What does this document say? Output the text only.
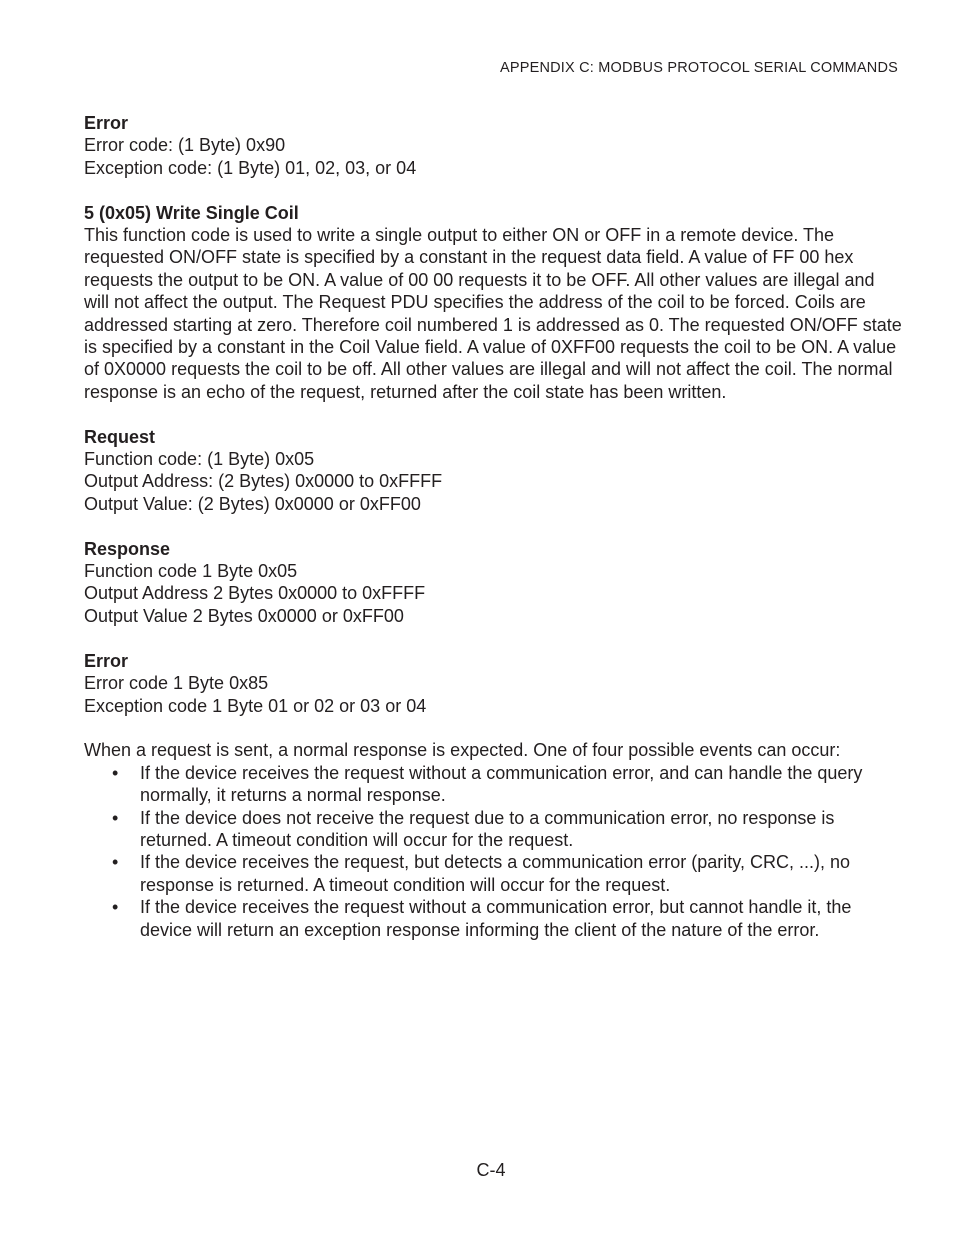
APPENDIX C: MODBUS PROTOCOL SERIAL COMMANDS
Error
Error code: (1 Byte) 0x90
Exception code: (1 Byte) 01, 02, 03, or 04
5 (0x05) Write Single Coil
This function code is used to write a single output to either ON or OFF in a remote device. The requested ON/OFF state is specified by a constant in the request data field. A value of FF 00 hex requests the output to be ON. A value of 00 00 requests it to be OFF. All other values are illegal and will not affect the output. The Request PDU specifies the address of the coil to be forced. Coils are addressed starting at zero. Therefore coil numbered 1 is addressed as 0. The requested ON/OFF state is specified by a constant in the Coil Value field. A value of 0XFF00 requests the coil to be ON. A value of 0X0000 requests the coil to be off. All other values are illegal and will not affect the coil. The normal response is an echo of the request, returned after the coil state has been written.
Request
Function code: (1 Byte) 0x05
Output Address: (2 Bytes) 0x0000 to 0xFFFF
Output Value: (2 Bytes) 0x0000 or 0xFF00
Response
Function code 1 Byte 0x05
Output Address 2 Bytes 0x0000 to 0xFFFF
Output Value 2 Bytes 0x0000 or 0xFF00
Error
Error code 1 Byte 0x85
Exception code 1 Byte 01 or 02 or 03 or 04
When a request is sent, a normal response is expected. One of four possible events can occur:
• If the device receives the request without a communication error, and can handle the query normally, it returns a normal response.
• If the device does not receive the request due to a communication error, no response is returned. A timeout condition will occur for the request.
• If the device receives the request, but detects a communication error (parity, CRC, ...), no response is returned. A timeout condition will occur for the request.
• If the device receives the request without a communication error, but cannot handle it, the device will return an exception response informing the client of the nature of the error.
C-4
